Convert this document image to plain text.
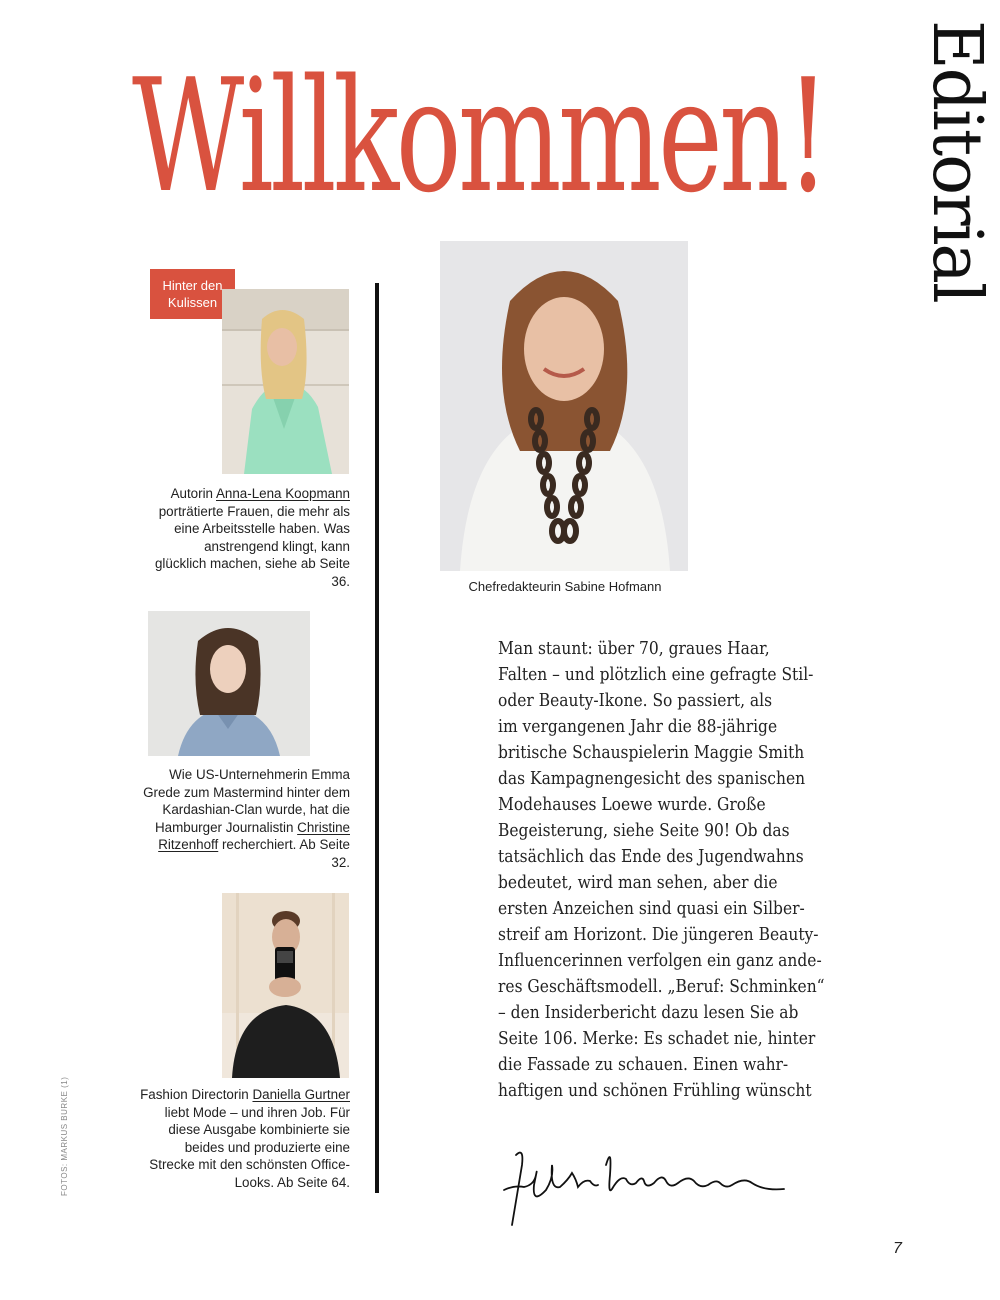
Willkommen! Editorial
Hinter den
Kulissen
Autorin Anna-Lena Koopmann porträtierte Frauen, die mehr als eine Arbeitsstelle haben. Was anstrengend klingt, kann glücklich machen, siehe ab Seite 36.
Wie US-Unternehmerin Emma Grede zum Mastermind hinter dem Kardashian-Clan wurde, hat die Hamburger Journalistin Christine Ritzenhoff recherchiert. Ab Seite 32.
Fashion Directorin Daniella Gurtner liebt Mode – und ihren Job. Für diese Ausgabe kombinierte sie beides und produzierte eine Strecke mit den schönsten Office-Looks. Ab Seite 64.
Chefredakteurin Sabine Hofmann
Man staunt: über 70, graues Haar,
Falten – und plötzlich eine gefragte Stil-
oder Beauty-Ikone. So passiert, als
im vergangenen Jahr die 88-jährige
britische Schauspielerin Maggie Smith
das Kampagnengesicht des spanischen
Modehauses Loewe wurde. Große
Begeisterung, siehe Seite 90! Ob das
tatsächlich das Ende des Jugendwahns
bedeutet, wird man sehen, aber die
ersten Anzeichen sind quasi ein Silber-
streif am Horizont. Die jüngeren Beauty-
Influencerinnen verfolgen ein ganz ande-
res Geschäftsmodell. „Beruf: Schminken“
– den Insiderbericht dazu lesen Sie ab
Seite 106. Merke: Es schadet nie, hinter
die Fassade zu schauen. Einen wahr-
haftigen und schönen Frühling wünscht
FOTOS: MARKUS BURKE (1)
7
